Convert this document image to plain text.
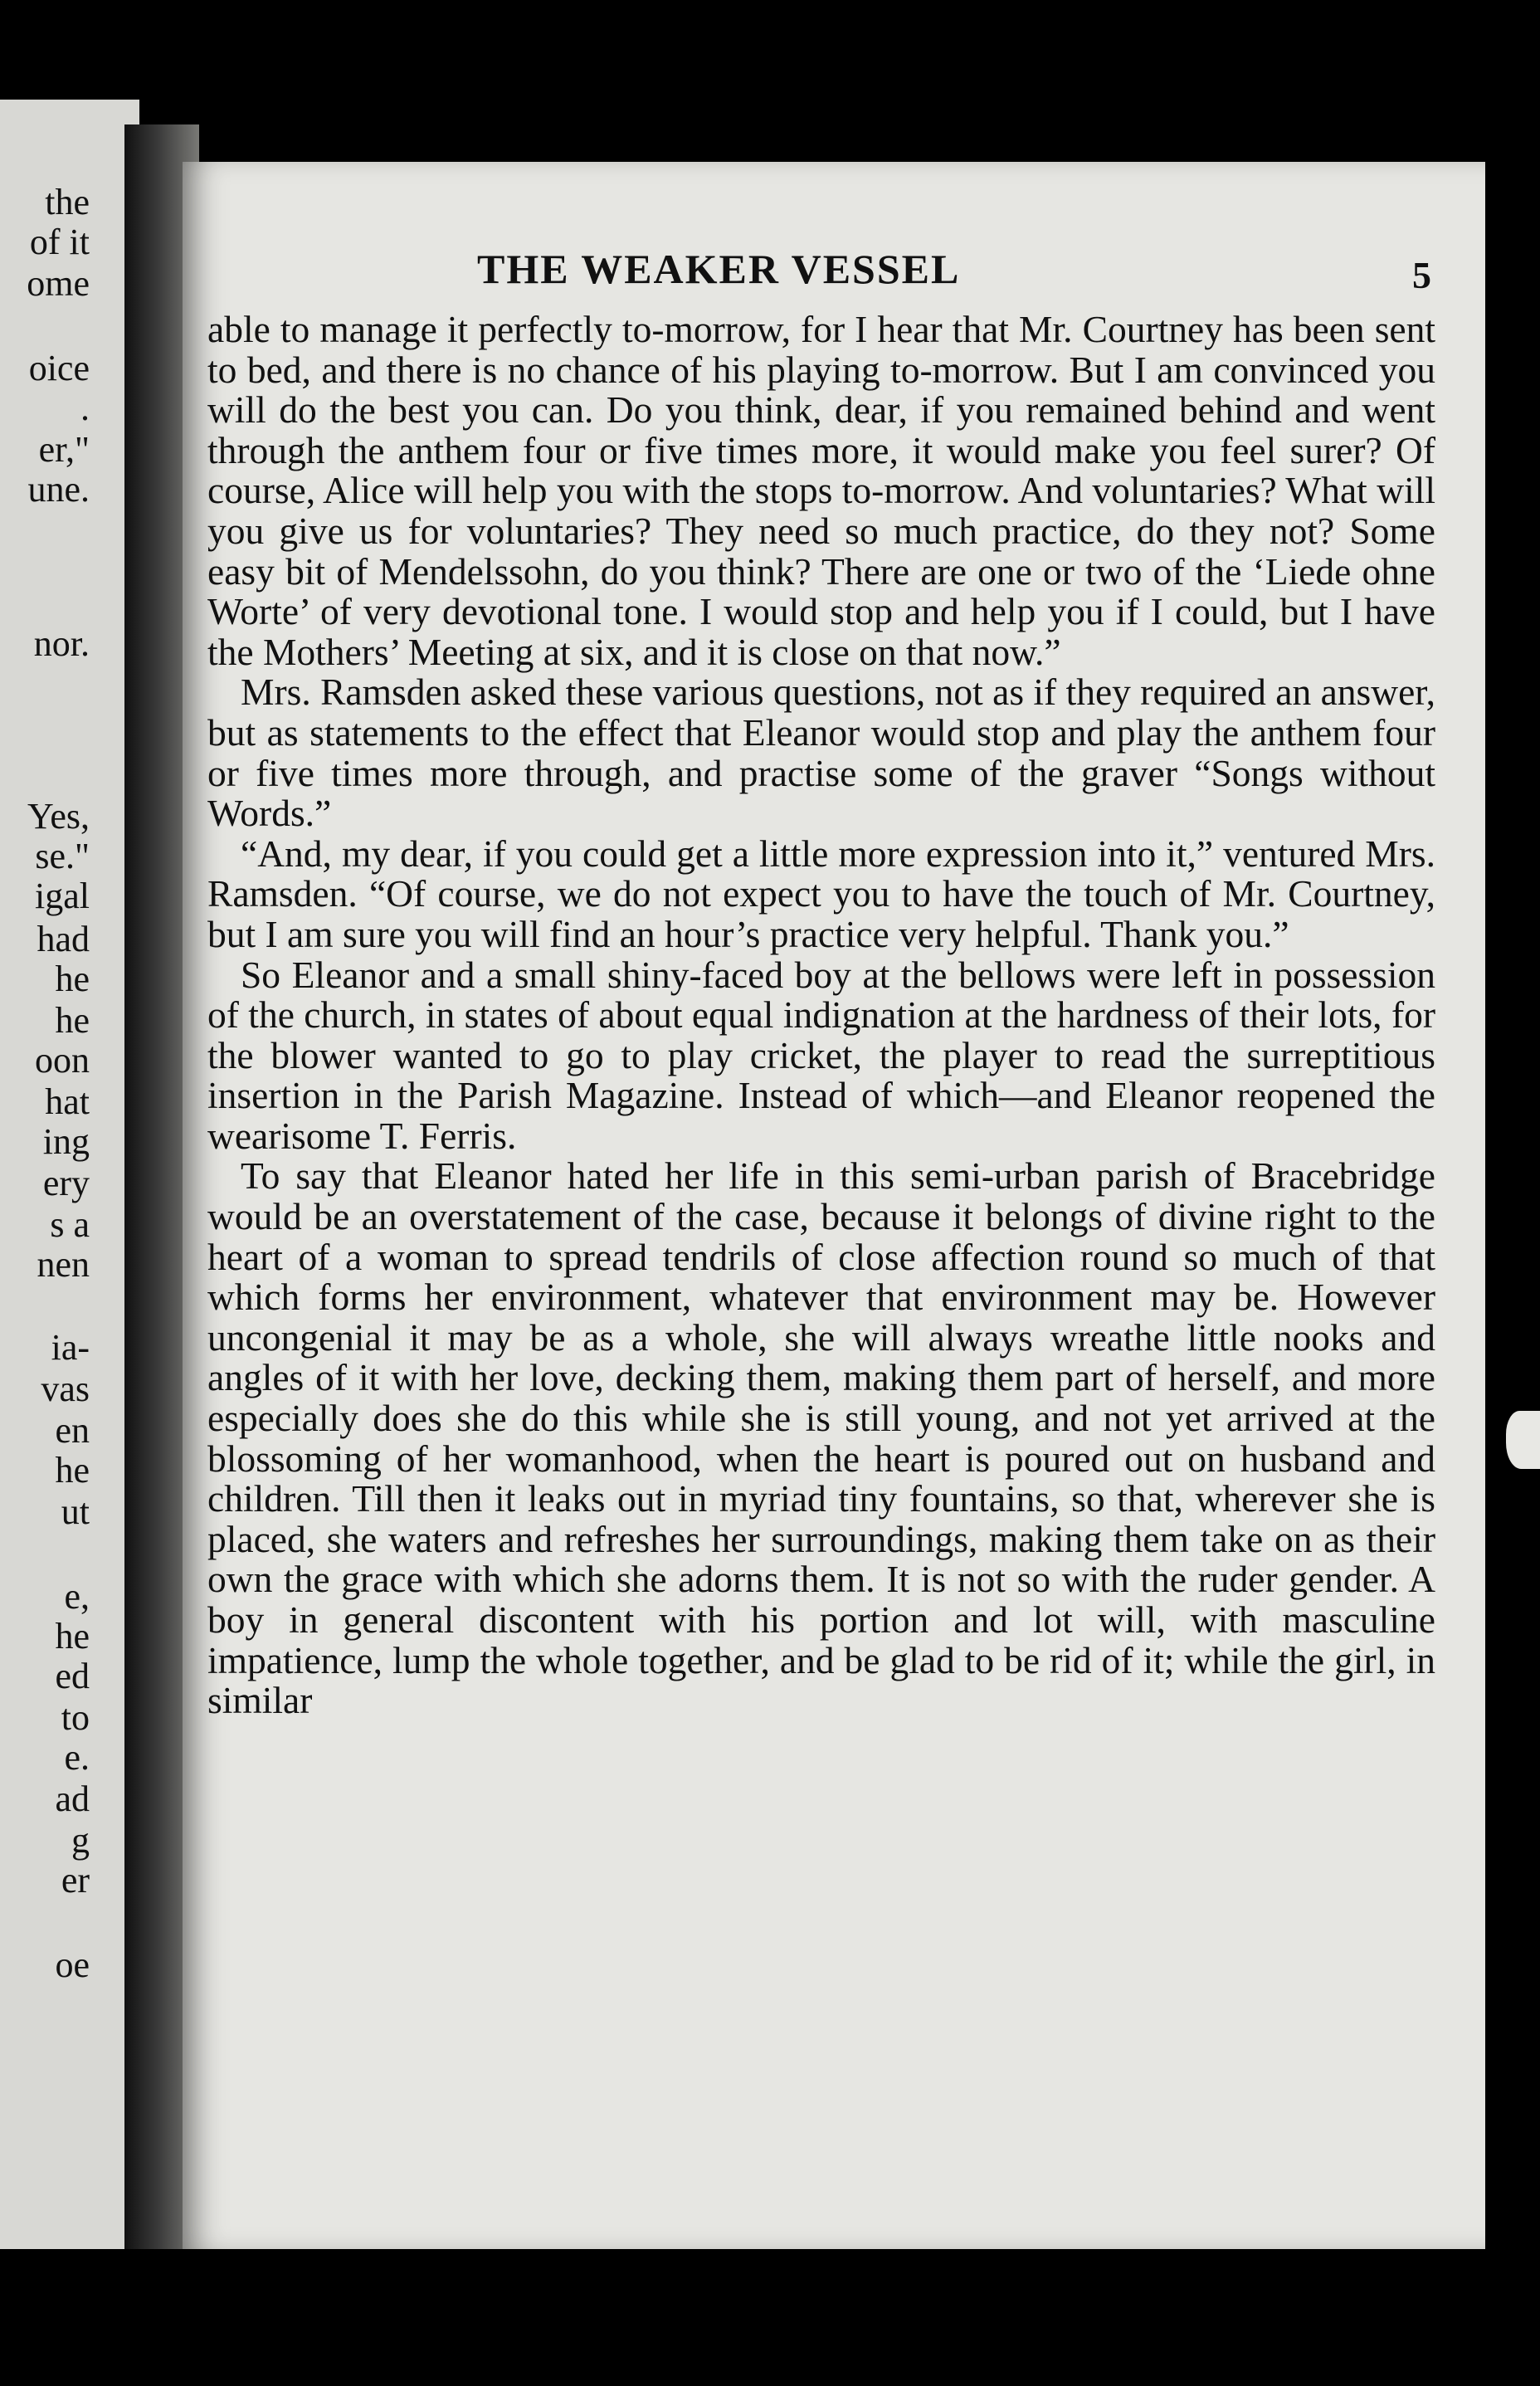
the
of it
ome
oice
.
er,"
une.
nor.
Yes,
se."
igal
had
he
he
oon
hat
ing
ery
s a
nen
ia-
vas
en
he
ut
e,
he
ed
to
e.
ad
g
er
oe
THE WEAKER VESSEL	5

able to manage it perfectly to-morrow, for I hear that Mr. Courtney has been sent to bed, and there is no chance of his playing to-morrow. But I am convinced you will do the best you can. Do you think, dear, if you remained behind and went through the anthem four or five times more, it would make you feel surer? Of course, Alice will help you with the stops to-morrow. And voluntaries? What will you give us for voluntaries? They need so much practice, do they not? Some easy bit of Mendelssohn, do you think? There are one or two of the ‘Liede ohne Worte’ of very devotional tone. I would stop and help you if I could, but I have the Mothers’ Meeting at six, and it is close on that now.”

Mrs. Ramsden asked these various questions, not as if they required an answer, but as statements to the effect that Eleanor would stop and play the anthem four or five times more through, and practise some of the graver “Songs without Words.”

“And, my dear, if you could get a little more expression into it,” ventured Mrs. Ramsden. “Of course, we do not expect you to have the touch of Mr. Courtney, but I am sure you will find an hour’s practice very helpful. Thank you.”

So Eleanor and a small shiny-faced boy at the bellows were left in possession of the church, in states of about equal indignation at the hardness of their lots, for the blower wanted to go to play cricket, the player to read the surreptitious insertion in the Parish Magazine. Instead of which—and Eleanor reopened the wearisome T. Ferris.

To say that Eleanor hated her life in this semi-urban parish of Bracebridge would be an overstatement of the case, because it belongs of divine right to the heart of a woman to spread tendrils of close affection round so much of that which forms her environment, whatever that environment may be. However uncongenial it may be as a whole, she will always wreathe little nooks and angles of it with her love, decking them, making them part of herself, and more especially does she do this while she is still young, and not yet arrived at the blossoming of her womanhood, when the heart is poured out on husband and children. Till then it leaks out in myriad tiny fountains, so that, wherever she is placed, she waters and refreshes her surroundings, making them take on as their own the grace with which she adorns them. It is not so with the ruder gender. A boy in general discontent with his portion and lot will, with masculine impatience, lump the whole together, and be glad to be rid of it; while the girl, in similar
